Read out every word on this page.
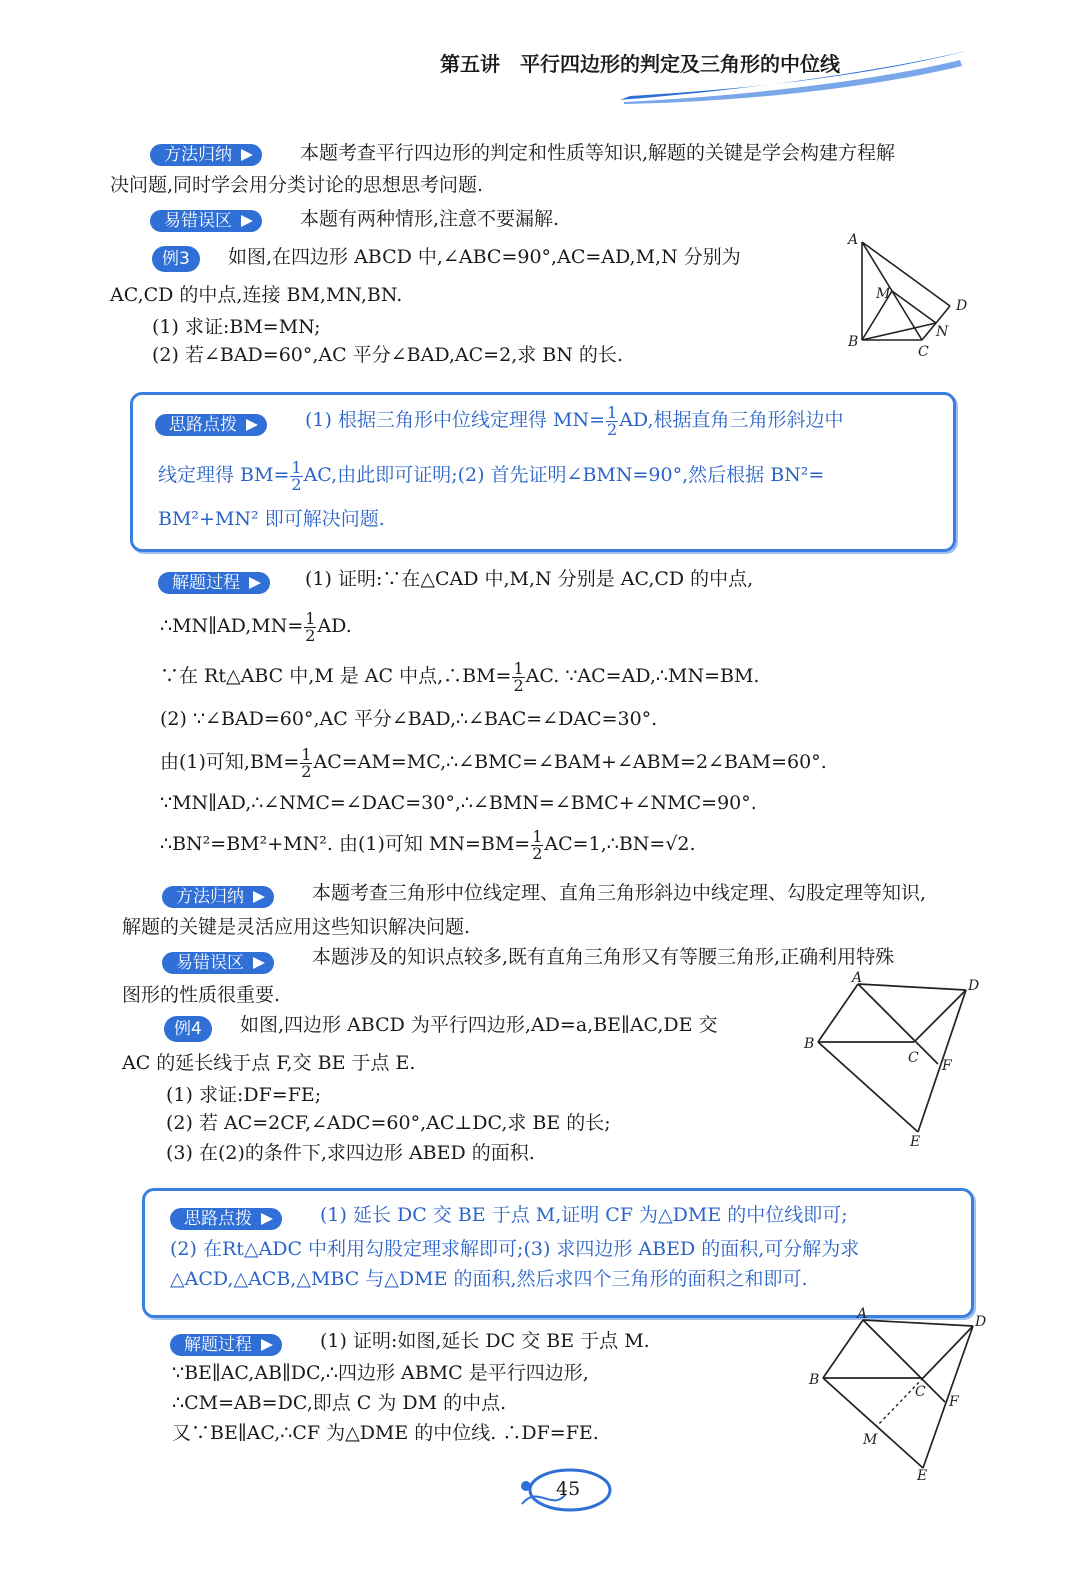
第五讲　平行四边形的判定及三角形的中位线
方法归纳	本题考查平行四边形的判定和性质等知识,解题的关键是学会构建方程解
决问题,同时学会用分类讨论的思想思考问题.
易错误区	本题有两种情形,注意不要漏解.
例3	如图,在四边形 ABCD 中,∠ABC=90°,AC=AD,M,N 分别为
AC,CD 的中点,连接 BM,MN,BN.
(1) 求证:BM=MN;
(2) 若∠BAD=60°,AC 平分∠BAD,AC=2,求 BN 的长.
A
M
D
N
B
C
思路点拨	(1) 根据三角形中位线定理得 $MN= \frac{1}{2}$ AD,根据直角三角形斜边中
线定理得 $BM= \frac{1}{2}$ AC,由此即可证明;(2) 首先证明∠BMN=90°,然后根据 BN²=
BM²+MN² 即可解决问题.
解题过程	(1) 证明:∵在△CAD 中,M,N 分别是 AC,CD 的中点,
∴MN∥AD,MN= $\frac{1}{2}$ AD.
∵在 Rt△ABC 中,M 是 AC 中点,∴BM= $\frac{1}{2}$ AC. ∵AC=AD,∴MN=BM.
(2) ∵∠BAD=60°,AC 平分∠BAD,∴∠BAC=∠DAC=30°.
由(1)可知$,BM= \frac{1}{2}$ AC=AM=MC,∴∠BMC=∠BAM+∠ABM=2∠BAM=60°.
∵MN∥AD,∴∠NMC=∠DAC=30°,∴∠BMN=∠BMC+∠NMC=90°.
∴BN²=BM²+MN². 由(1)可知 $MN=BM= \frac{1}{2}$ AC=1,∴BN=√2.
方法归纳	本题考查三角形中位线定理、直角三角形斜边中线定理、勾股定理等知识,
解题的关键是灵活应用这些知识解决问题.
易错误区	本题涉及的知识点较多,既有直角三角形又有等腰三角形,正确利用特殊
图形的性质很重要.
例4	如图,四边形 ABCD 为平行四边形,AD=a,BE∥AC,DE 交
AC 的延长线于点 F,交 BE 于点 E.
(1) 求证:DF=FE;
(2) 若 AC=2CF,∠ADC=60°,AC⊥DC,求 BE 的长;
(3) 在(2)的条件下,求四边形 ABED 的面积.
A	D
B
C F
E
思路点拨	(1) 延长 DC 交 BE 于点 M,证明 CF 为△DME 的中位线即可;
(2) 在Rt△ADC 中利用勾股定理求解即可;(3) 求四边形 ABED 的面积,可分解为求
△ACD,△ACB,△MBC 与△DME 的面积,然后求四个三角形的面积之和即可.
解题过程	(1) 证明:如图,延长 DC 交 BE 于点 M.
∵BE∥AC,AB∥DC,∴四边形 ABMC 是平行四边形,
∴CM=AB=DC,即点 C 为 DM 的中点.
又∵BE∥AC,∴CF 为△DME 的中位线. ∴DF=FE.
A	D
B
C
F
M
E
45
